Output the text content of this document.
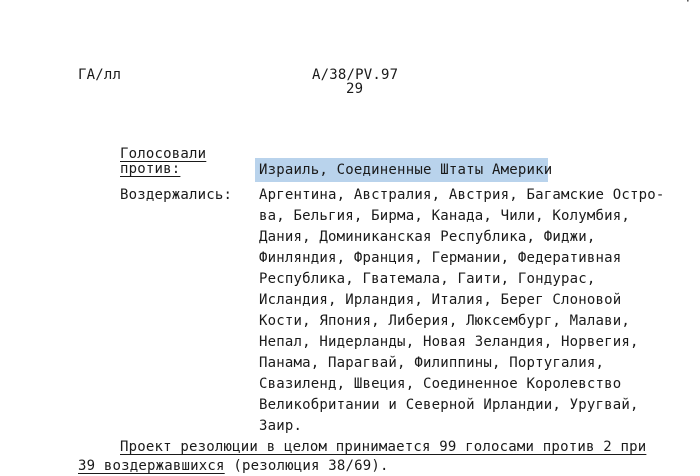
˙
ГА/лл	A/38/PV.97
29
Голосовали
против:	Израиль, Соединенные Штаты Америки
Воздержались: Аргентина, Австралия, Австрия, Багамские Остро-
ва, Бельгия, Бирма, Канада, Чили, Колумбия,
Дания, Доминиканская Республика, Фиджи,
Финляндия, Франция, Германии, Федеративная
Республика, Гватемала, Гаити, Гондурас,
Исландия, Ирландия, Италия, Берег Слоновой
Кости, Япония, Либерия, Люксембург, Малави,
Непал, Нидерланды, Новая Зеландия, Норвегия,
Панама, Парагвай, Филиппины, Португалия,
Свазиленд, Швеция, Соединенное Королевство
Великобритании и Северной Ирландии, Уругвай,
Заир.
Проект резолюции в целом принимается 99 голосами против 2 при
39 воздержавшихся (резолюция 38/69).
